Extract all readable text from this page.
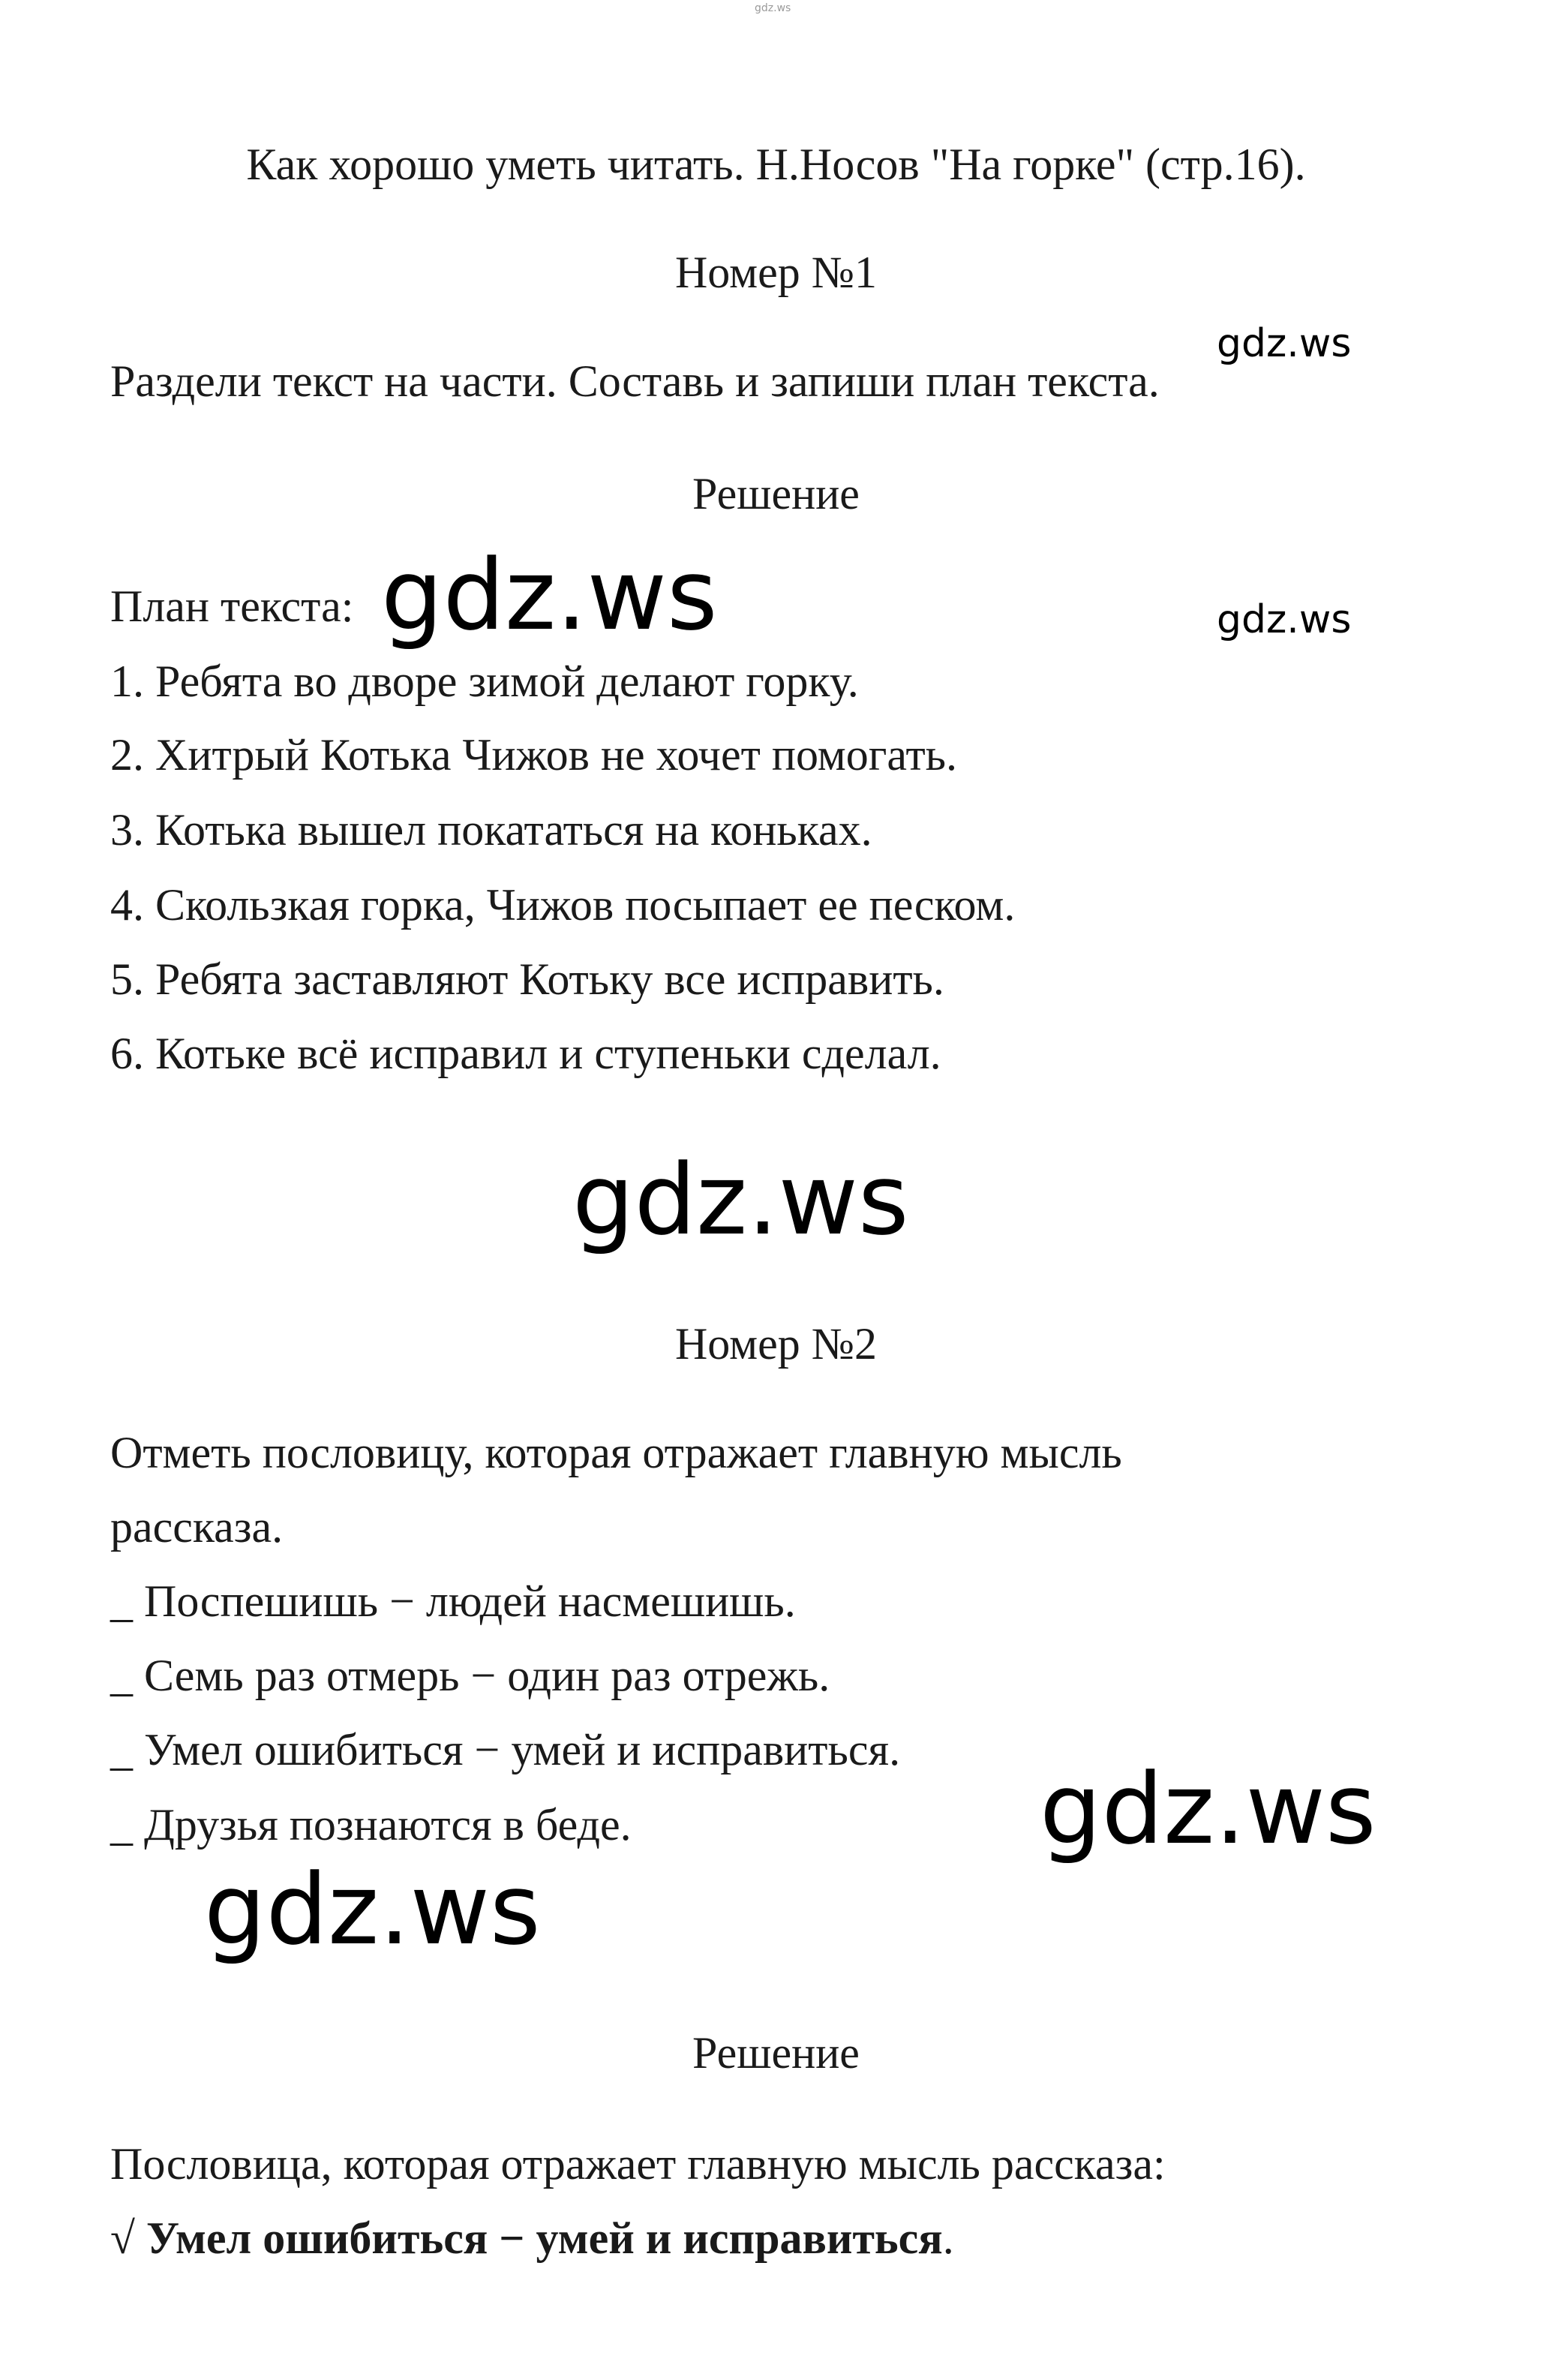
gdz.ws
Как хорошо уметь читать. Н.Носов "На горке" (стр.16).
Номер №1
gdz.ws
Раздели текст на части. Составь и запиши план текста.
Решение
План текста: gdz.ws	gdz.ws
1. Ребята во дворе зимой делают горку.
2. Хитрый Котька Чижов не хочет помогать.
3. Котька вышел покататься на коньках.
4. Скользкая горка, Чижов посыпает ее песком.
5. Ребята заставляют Котьку все исправить.
6. Котьке всё исправил и ступеньки сделал.
gdz.ws
Номер №2
Отметь пословицу, которая отражает главную мысль
рассказа.
_ Поспешишь − людей насмешишь.
_ Семь раз отмерь − один раз отрежь.
_ Умел ошибиться − умей и исправиться.
_ Друзья познаются в беде.	gdz.ws
gdz.ws
Решение
Пословица, которая отражает главную мысль рассказа:
√ Умел ошибиться − умей и исправиться.
